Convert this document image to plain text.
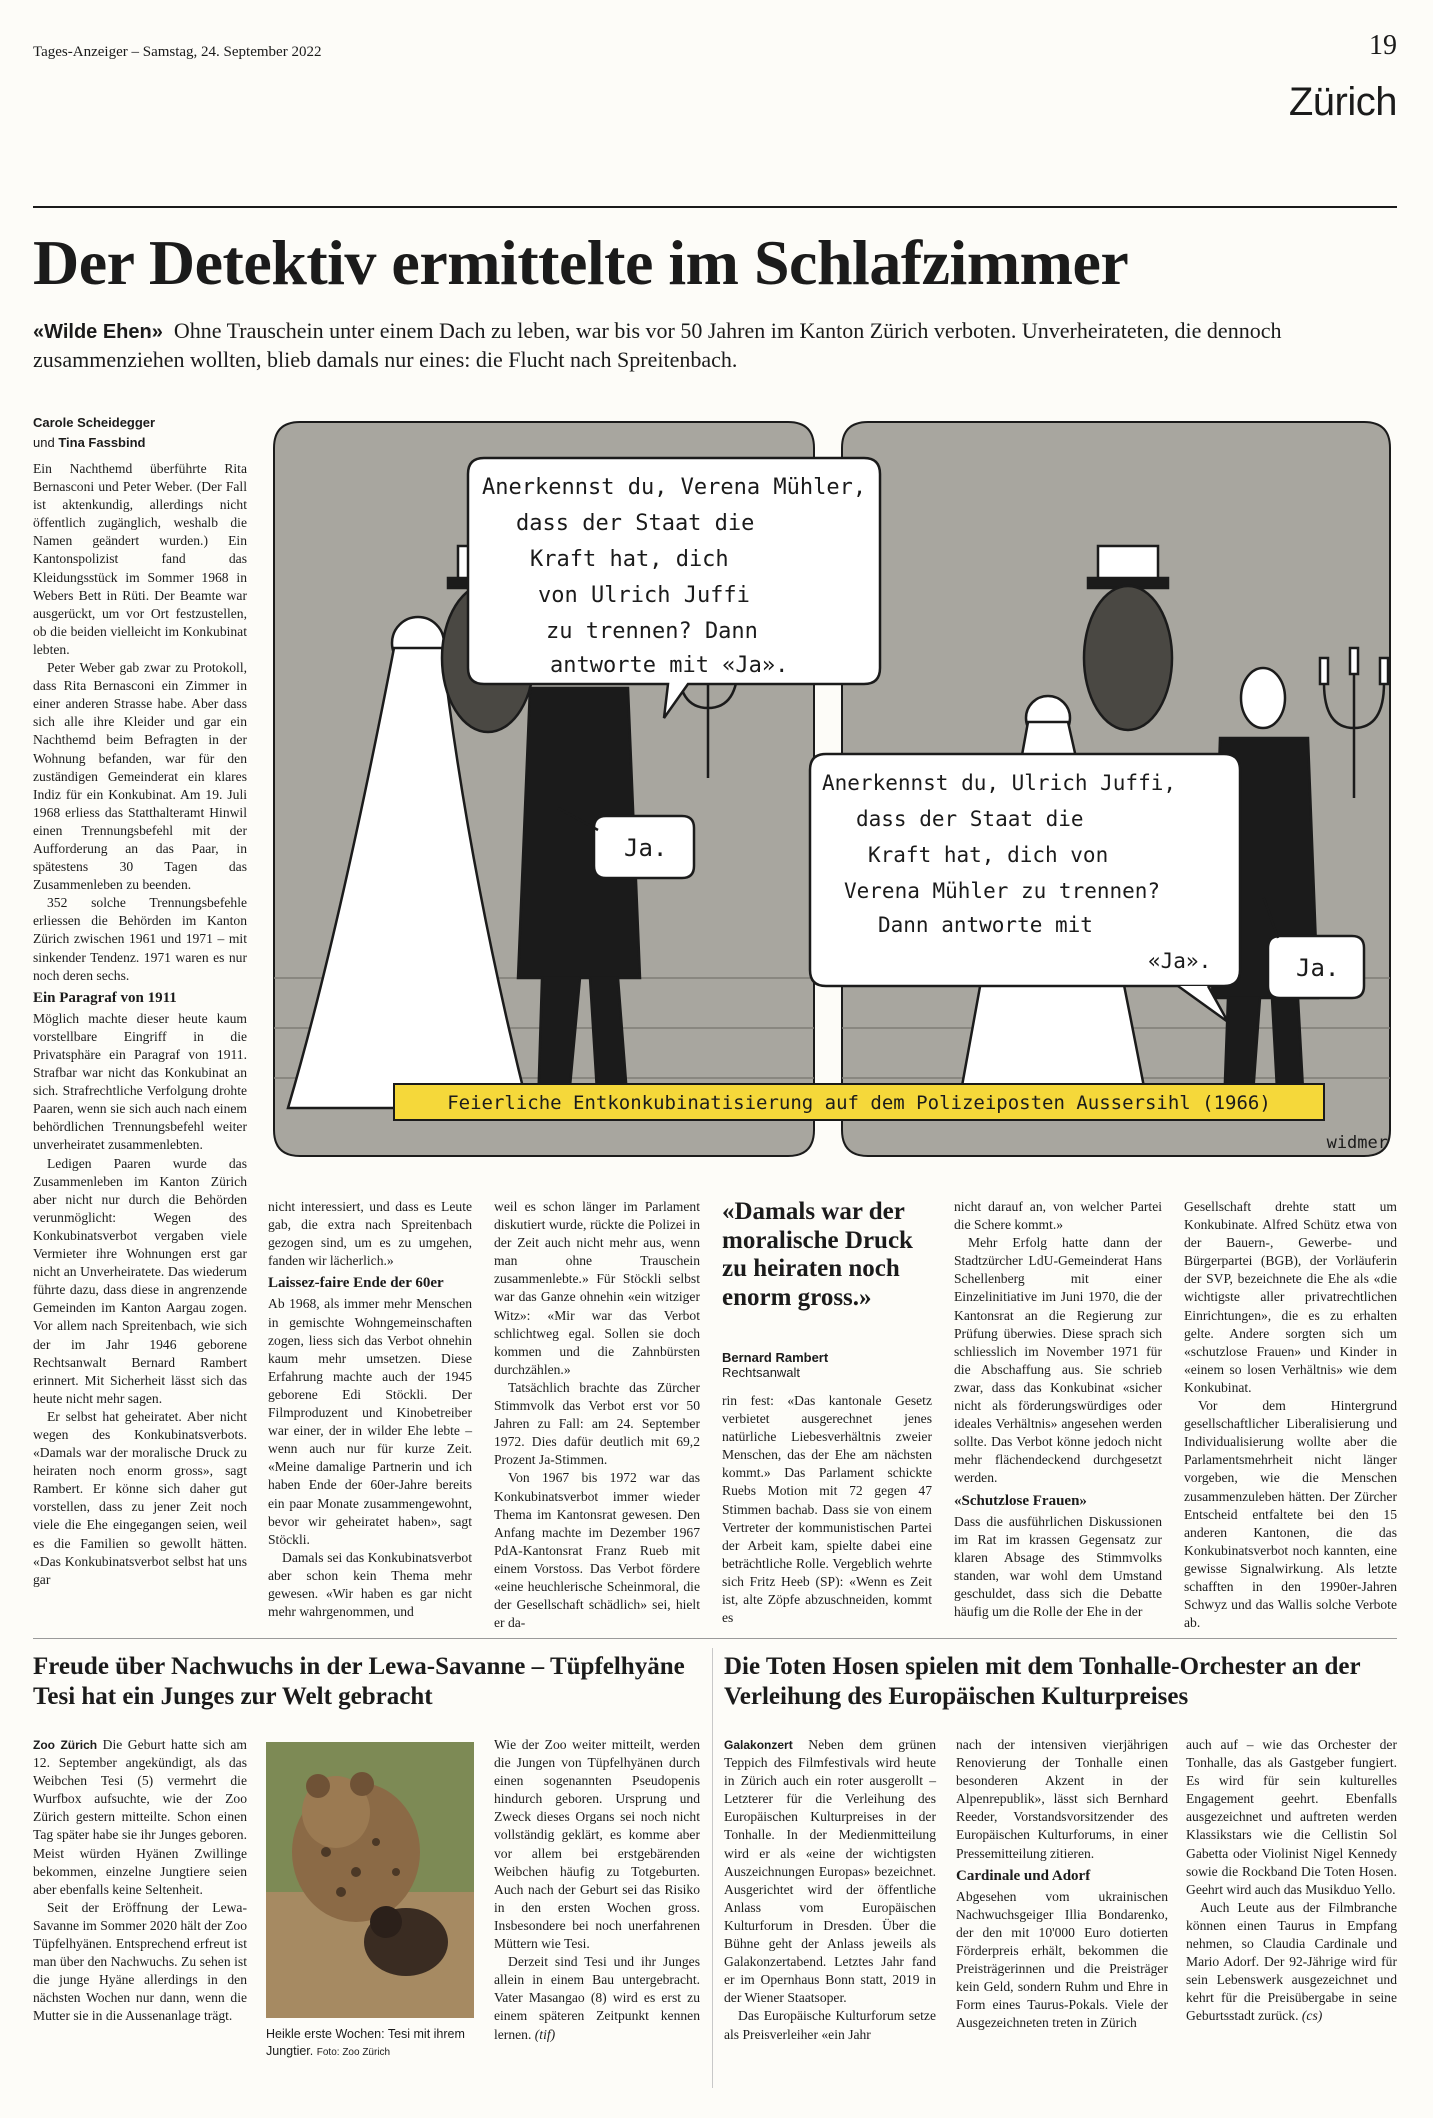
Tages-Anzeiger – Samstag, 24. September 2022	19
Zürich
Der Detektiv ermittelte im Schlafzimmer
«Wilde Ehen» Ohne Trauschein unter einem Dach zu leben, war bis vor 50 Jahren im Kanton Zürich verboten. Unverheirateten, die dennoch zusammenziehen wollten, blieb damals nur eines: die Flucht nach Spreitenbach.
Carole Scheidegger
und Tina Fassbind

Ein Nachthemd überführte Rita Bernasconi und Peter Weber. (Der Fall ist aktenkundig, allerdings nicht öffentlich zugänglich, weshalb die Namen geändert wurden.) Ein Kantonspolizist fand das Kleidungsstück im Sommer 1968 in Webers Bett in Rüti. Der Beamte war ausgerückt, um vor Ort festzustellen, ob die beiden vielleicht im Konkubinat lebten.

Peter Weber gab zwar zu Protokoll, dass Rita Bernasconi ein Zimmer in einer anderen Strasse habe. Aber dass sich alle ihre Kleider und gar ein Nachthemd beim Befragten in der Wohnung befanden, war für den zuständigen Gemeinderat ein klares Indiz für ein Konkubinat. Am 19. Juli 1968 erliess das Statthalteramt Hinwil einen Trennungsbefehl mit der Aufforderung an das Paar, in spätestens 30 Tagen das Zusammenleben zu beenden.

352 solche Trennungsbefehle erliessen die Behörden im Kanton Zürich zwischen 1961 und 1971 – mit sinkender Tendenz. 1971 waren es nur noch deren sechs.

Ein Paragraf von 1911

Möglich machte dieser heute kaum vorstellbare Eingriff in die Privatsphäre ein Paragraf von 1911. Strafbar war nicht das Konkubinat an sich. Strafrechtliche Verfolgung drohte Paaren, wenn sie sich auch nach einem behördlichen Trennungsbefehl weiter unverheiratet zusammenlebten.

Ledigen Paaren wurde das Zusammenleben im Kanton Zürich aber nicht nur durch die Behörden verunmöglicht: Wegen des Konkubinatsverbot vergaben viele Vermieter ihre Wohnungen erst gar nicht an Unverheiratete. Das wiederum führte dazu, dass diese in angrenzende Gemeinden im Kanton Aargau zogen. Vor allem nach Spreitenbach, wie sich der im Jahr 1946 geborene Rechtsanwalt Bernard Rambert erinnert. Mit Sicherheit lässt sich das heute nicht mehr sagen.

Er selbst hat geheiratet. Aber nicht wegen des Konkubinatsverbots. «Damals war der moralische Druck zu heiraten noch enorm gross», sagt Rambert. Er könne sich daher gut vorstellen, dass zu jener Zeit noch viele die Ehe eingegangen seien, weil es die Familien so gewollt hätten. «Das Konkubinatsverbot selbst hat uns gar

Anerkennst du, Verena Mühler, dass der Staat die Kraft hat, dich von Ulrich Juffi zu trennen? Dann antworte mit «Ja».
Ja.
Anerkennst du, Ulrich Juffi, dass der Staat die Kraft hat, dich von Verena Mühler zu trennen? Dann antworte mit «Ja».	Ja.
Feierliche Entkonkubinatisierung auf dem Polizeiposten Aussersihl (1966)
widmer

nicht interessiert, und dass es Leute gab, die extra nach Spreitenbach gezogen sind, um es zu umgehen, fanden wir lächerlich.»

Laissez-faire Ende der 60er

Ab 1968, als immer mehr Menschen in gemischte Wohngemeinschaften zogen, liess sich das Verbot ohnehin kaum mehr umsetzen. Diese Erfahrung machte auch der 1945 geborene Edi Stöckli. Der Filmproduzent und Kinobetreiber war einer, der in wilder Ehe lebte – wenn auch nur für kurze Zeit. «Meine damalige Partnerin und ich haben Ende der 60er-Jahre bereits ein paar Monate zusammengewohnt, bevor wir geheiratet haben», sagt Stöckli.

Damals sei das Konkubinatsverbot aber schon kein Thema mehr gewesen. «Wir haben es gar nicht mehr wahrgenommen, und

weil es schon länger im Parlament diskutiert wurde, rückte die Polizei in der Zeit auch nicht mehr aus, wenn man ohne Trauschein zusammenlebte.» Für Stöckli selbst war das Ganze ohnehin «ein witziger Witz»: «Mir war das Verbot schlichtweg egal. Sollen sie doch kommen und die Zahnbürsten durchzählen.»

Tatsächlich brachte das Zürcher Stimmvolk das Verbot erst vor 50 Jahren zu Fall: am 24. September 1972. Dies dafür deutlich mit 69,2 Prozent Ja-Stimmen.

Von 1967 bis 1972 war das Konkubinatsverbot immer wieder Thema im Kantonsrat gewesen. Den Anfang machte im Dezember 1967 PdA-Kantonsrat Franz Rueb mit einem Vorstoss. Das Verbot fördere «eine heuchlerische Scheinmoral, die der Gesellschaft schädlich» sei, hielt er da-

«Damals war der moralische Druck zu heiraten noch enorm gross.»
Bernard Rambert
Rechtsanwalt

rin fest: «Das kantonale Gesetz verbietet ausgerechnet jenes natürliche Liebesverhältnis zweier Menschen, das der Ehe am nächsten kommt.» Das Parlament schickte Ruebs Motion mit 72 gegen 47 Stimmen bachab. Dass sie von einem Vertreter der kommunistischen Partei der Arbeit kam, spielte dabei eine beträchtliche Rolle. Vergeblich wehrte sich Fritz Heeb (SP): «Wenn es Zeit ist, alte Zöpfe abzuschneiden, kommt es

nicht darauf an, von welcher Partei die Schere kommt.»

Mehr Erfolg hatte dann der Stadtzürcher LdU-Gemeinderat Hans Schellenberg mit einer Einzelinitiative im Juni 1970, die der Kantonsrat an die Regierung zur Prüfung überwies. Diese sprach sich schliesslich im November 1971 für die Abschaffung aus. Sie schrieb zwar, dass das Konkubinat «sicher nicht als förderungswürdiges oder ideales Verhältnis» angesehen werden sollte. Das Verbot könne jedoch nicht mehr flächendeckend durchgesetzt werden.

«Schutzlose Frauen»

Dass die ausführlichen Diskussionen im Rat im krassen Gegensatz zur klaren Absage des Stimmvolks standen, war wohl dem Umstand geschuldet, dass sich die Debatte häufig um die Rolle der Ehe in der

Gesellschaft drehte statt um Konkubinate. Alfred Schütz etwa von der Bauern-, Gewerbe- und Bürgerpartei (BGB), der Vorläuferin der SVP, bezeichnete die Ehe als «die wichtigste aller privatrechtlichen Einrichtungen», die es zu erhalten gelte. Andere sorgten sich um «schutzlose Frauen» und Kinder in «einem so losen Verhältnis» wie dem Konkubinat.

Vor dem Hintergrund gesellschaftlicher Liberalisierung und Individualisierung wollte aber die Parlamentsmehrheit nicht länger vorgeben, wie die Menschen zusammenzuleben hätten. Der Zürcher Entscheid entfaltete bei den 15 anderen Kantonen, die das Konkubinatsverbot noch kannten, eine gewisse Signalwirkung. Als letzte schafften in den 1990er-Jahren Schwyz und das Wallis solche Verbote ab.

Freude über Nachwuchs in der Lewa-Savanne – Tüpfelhyäne Tesi hat ein Junges zur Welt gebracht

Zoo Zürich Die Geburt hatte sich am 12. September angekündigt, als das Weibchen Tesi (5) vermehrt die Wurfbox aufsuchte, wie der Zoo Zürich gestern mitteilte. Schon einen Tag später habe sie ihr Junges geboren. Meist würden Hyänen Zwillinge bekommen, einzelne Jungtiere seien aber ebenfalls keine Seltenheit.

Seit der Eröffnung der Lewa-Savanne im Sommer 2020 hält der Zoo Tüpfelhyänen. Entsprechend erfreut ist man über den Nachwuchs. Zu sehen ist die junge Hyäne allerdings in den nächsten Wochen nur dann, wenn die Mutter sie in die Aussenanlage trägt.

Heikle erste Wochen: Tesi mit ihrem Jungtier. Foto: Zoo Zürich

Wie der Zoo weiter mitteilt, werden die Jungen von Tüpfelhyänen durch einen sogenannten Pseudopenis hindurch geboren. Ursprung und Zweck dieses Organs sei noch nicht vollständig geklärt, es komme aber vor allem bei erstgebärenden Weibchen häufig zu Totgeburten. Auch nach der Geburt sei das Risiko in den ersten Wochen gross. Insbesondere bei noch unerfahrenen Müttern wie Tesi.

Derzeit sind Tesi und ihr Junges allein in einem Bau untergebracht. Vater Masangao (8) wird es erst zu einem späteren Zeitpunkt kennen lernen. (tif)

Die Toten Hosen spielen mit dem Tonhalle-Orchester an der Verleihung des Europäischen Kulturpreises

Galakonzert Neben dem grünen Teppich des Filmfestivals wird heute in Zürich auch ein roter ausgerollt – Letzterer für die Verleihung des Europäischen Kulturpreises in der Tonhalle. In der Medienmitteilung wird er als «eine der wichtigsten Auszeichnungen Europas» bezeichnet. Ausgerichtet wird der öffentliche Anlass vom Europäischen Kulturforum in Dresden. Über die Bühne geht der Anlass jeweils als Galakonzertabend. Letztes Jahr fand er im Opernhaus Bonn statt, 2019 in der Wiener Staatsoper.

Das Europäische Kulturforum setze als Preisverleiher «ein Jahr

nach der intensiven vierjährigen Renovierung der Tonhalle einen besonderen Akzent in der Alpenrepublik», lässt sich Bernhard Reeder, Vorstandsvorsitzender des Europäischen Kulturforums, in einer Pressemitteilung zitieren.

Cardinale und Adorf

Abgesehen vom ukrainischen Nachwuchsgeiger Illia Bondarenko, der den mit 10'000 Euro dotierten Förderpreis erhält, bekommen die Preisträgerinnen und die Preisträger kein Geld, sondern Ruhm und Ehre in Form eines Taurus-Pokals. Viele der Ausgezeichneten treten in Zürich

auch auf – wie das Orchester der Tonhalle, das als Gastgeber fungiert. Es wird für sein kulturelles Engagement geehrt. Ebenfalls ausgezeichnet und auftreten werden Klassikstars wie die Cellistin Sol Gabetta oder Violinist Nigel Kennedy sowie die Rockband Die Toten Hosen. Geehrt wird auch das Musikduo Yello.

Auch Leute aus der Filmbranche können einen Taurus in Empfang nehmen, so Claudia Cardinale und Mario Adorf. Der 92-Jährige wird für sein Lebenswerk ausgezeichnet und kehrt für die Preisübergabe in seine Geburtsstadt zurück. (cs)
